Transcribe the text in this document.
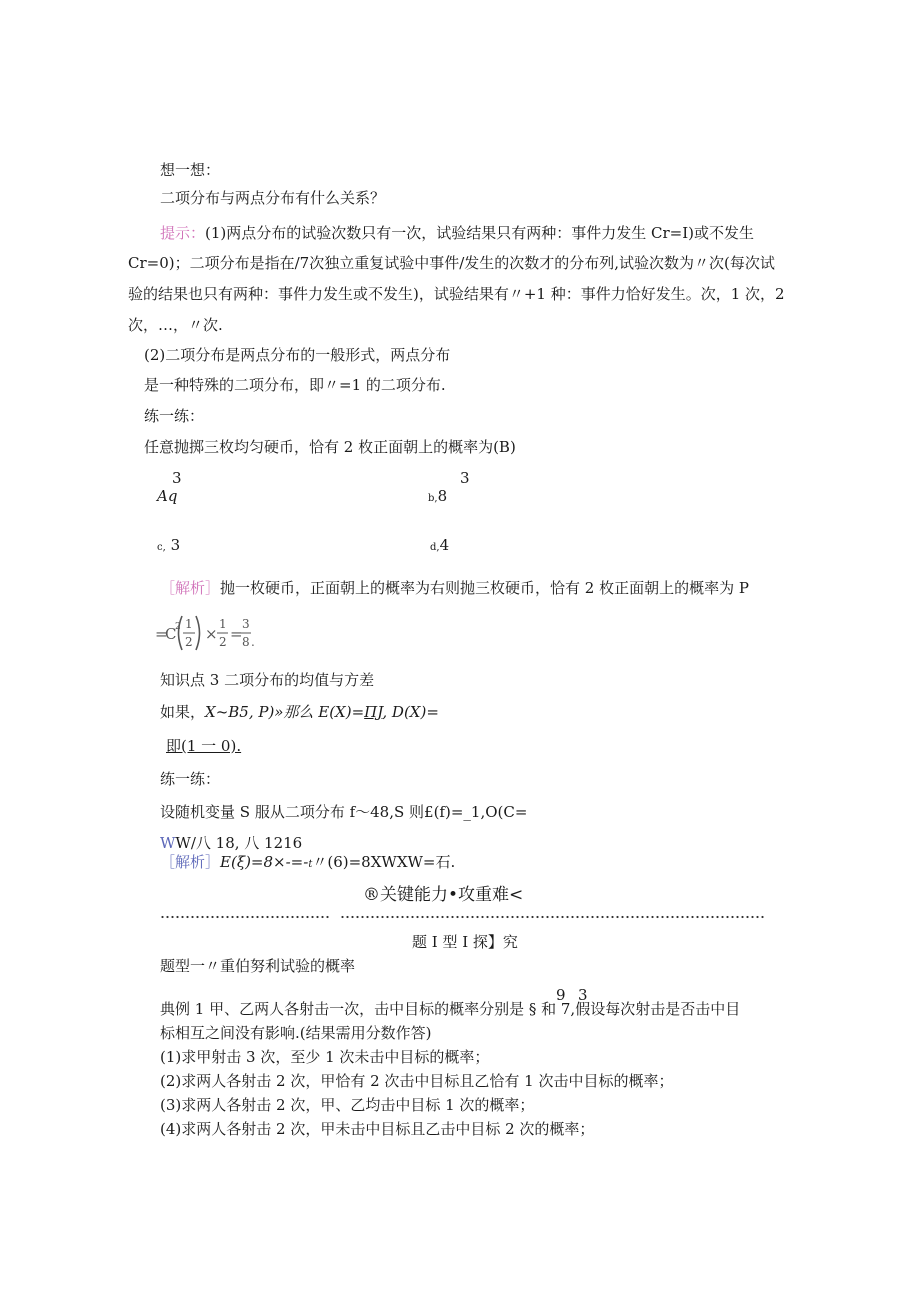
想一想：
二项分布与两点分布有什么关系？
提示：(1)两点分布的试验次数只有一次，试验结果只有两种：事件力发生 Cr=I)或不发生
Cr=0)；二项分布是指在/7次独立重复试验中事件/发生的次数才的分布列,试验次数为〃次(每次试
验的结果也只有两种：事件力发生或不发生)，试验结果有〃+1 种：事件力恰好发生。次，1 次，2
次，…，〃次.
(2)二项分布是两点分布的一般形式，两点分布
是一种特殊的二项分布，即〃=1 的二项分布.
练一练：
任意抛掷三枚均匀硬币，恰有 2 枚正面朝上的概率为(B)
3
Aq
3
b,8
c, 3	d,4
［解析］抛一枚硬币，正面朝上的概率为右则抛三枚硬币，恰有 2 枚正面朝上的概率为 P
=
C
2 1
2 ×
1
2 =
3
8 .
知识点 3 二项分布的均值与方差
如果，X~B5, P)»那么 E(X)=ΠJ, D(X)=
即(1 一 0).
练一练：
设随机变量 S 服从二项分布 f～48,S 则£(f)=_1,O(C=
WW/八 18, 八 1216
［解析］E(ξ)=8×-=-t〃(6)=8XWXW=石.
®关键能力•攻重难<
题 I 型 I 探】究
题型一〃重伯努利试验的概率
9 3
典例 1 甲、乙两人各射击一次，击中目标的概率分别是 § 和 7,假设每次射击是否击中目
标相互之间没有影响.(结果需用分数作答)
(1)求甲射击 3 次，至少 1 次未击中目标的概率；
(2)求两人各射击 2 次，甲恰有 2 次击中目标且乙恰有 1 次击中目标的概率；
(3)求两人各射击 2 次，甲、乙均击中目标 1 次的概率；
(4)求两人各射击 2 次，甲未击中目标且乙击中目标 2 次的概率；
